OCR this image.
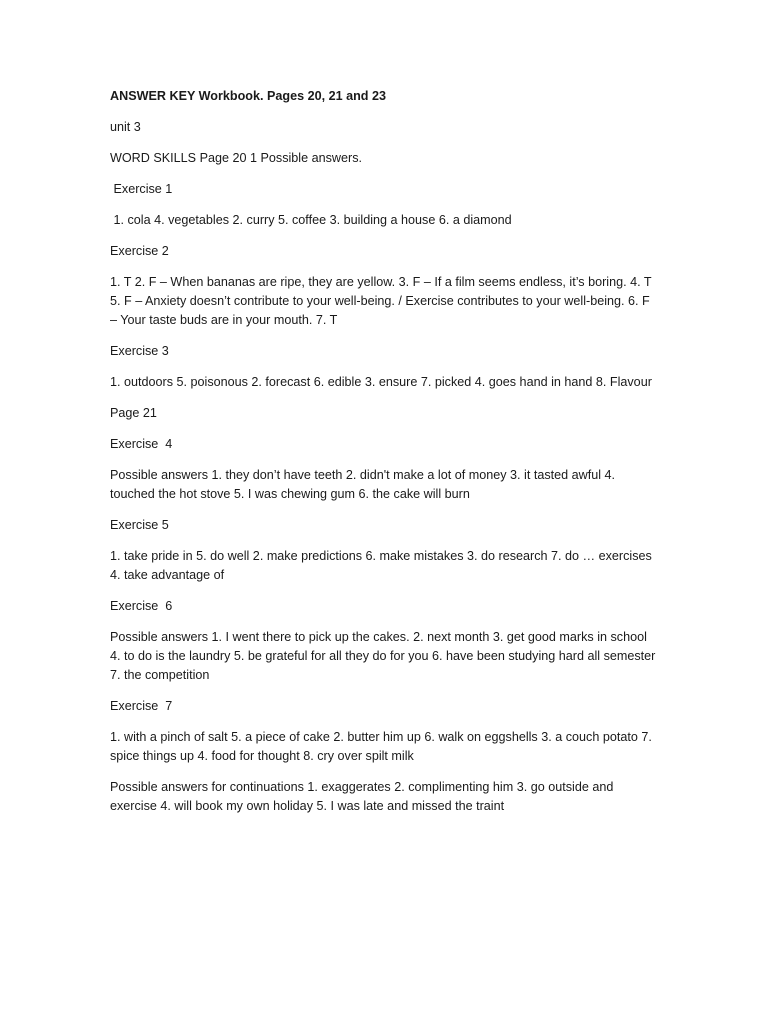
ANSWER KEY Workbook. Pages 20, 21 and 23

unit 3

WORD SKILLS Page 20 1 Possible answers.

Exercise 1

1. cola 4. vegetables 2. curry 5. coffee 3. building a house 6. a diamond

Exercise 2

1. T 2. F – When bananas are ripe, they are yellow. 3. F – If a film seems endless, it’s boring. 4. T 5. F – Anxiety doesn’t contribute to your well-being. / Exercise contributes to your well-being. 6. F – Your taste buds are in your mouth. 7. T

Exercise 3

1. outdoors 5. poisonous 2. forecast 6. edible 3. ensure 7. picked 4. goes hand in hand 8. Flavour

Page 21

Exercise  4

Possible answers 1. they don’t have teeth 2. didn't make a lot of money 3. it tasted awful 4. touched the hot stove 5. I was chewing gum 6. the cake will burn

Exercise 5

1. take pride in 5. do well 2. make predictions 6. make mistakes 3. do research 7. do … exercises 4. take advantage of

Exercise  6

Possible answers 1. I went there to pick up the cakes. 2. next month 3. get good marks in school 4. to do is the laundry 5. be grateful for all they do for you 6. have been studying hard all semester 7. the competition

Exercise  7

1. with a pinch of salt 5. a piece of cake 2. butter him up 6. walk on eggshells 3. a couch potato 7. spice things up 4. food for thought 8. cry over spilt milk

Possible answers for continuations 1. exaggerates 2. complimenting him 3. go outside and exercise 4. will book my own holiday 5. I was late and missed the traint
